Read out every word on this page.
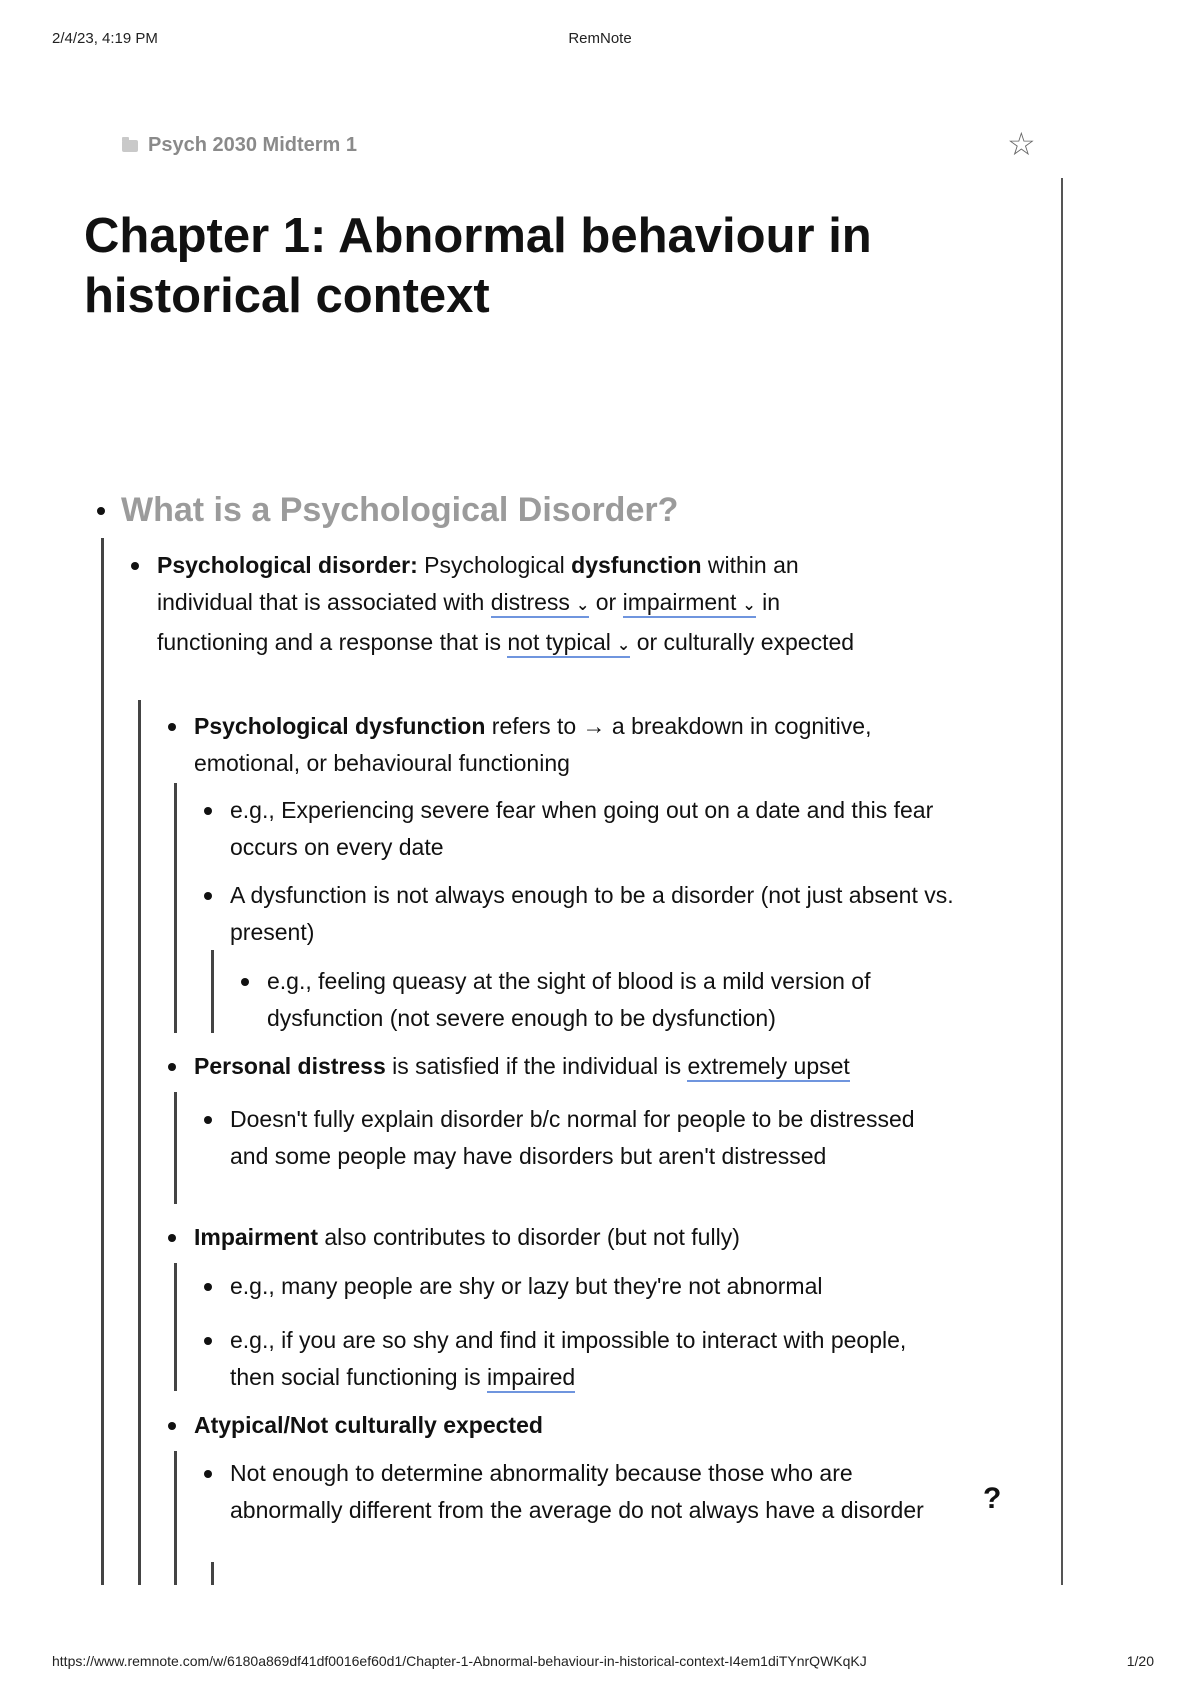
2/4/23, 4:19 PM	RemNote
Psych 2030 Midterm 1	☆
Chapter 1: Abnormal behaviour in historical context
What is a Psychological Disorder?
Psychological disorder: Psychological dysfunction within an individual that is associated with distress ⌄ or impairment ⌄ in functioning and a response that is not typical ⌄ or culturally expected
Psychological dysfunction refers to → a breakdown in cognitive, emotional, or behavioural functioning
e.g., Experiencing severe fear when going out on a date and this fear occurs on every date
A dysfunction is not always enough to be a disorder (not just absent vs. present)
e.g., feeling queasy at the sight of blood is a mild version of dysfunction (not severe enough to be dysfunction)
Personal distress is satisfied if the individual is extremely upset
Doesn't fully explain disorder b/c normal for people to be distressed and some people may have disorders but aren't distressed
Impairment also contributes to disorder (but not fully)
e.g., many people are shy or lazy but they're not abnormal
e.g., if you are so shy and find it impossible to interact with people, then social functioning is impaired
Atypical/Not culturally expected
Not enough to determine abnormality because those who are abnormally different from the average do not always have a disorder	?
https://www.remnote.com/w/6180a869df41df0016ef60d1/Chapter-1-Abnormal-behaviour-in-historical-context-I4em1diTYnrQWKqKJ	1/20
